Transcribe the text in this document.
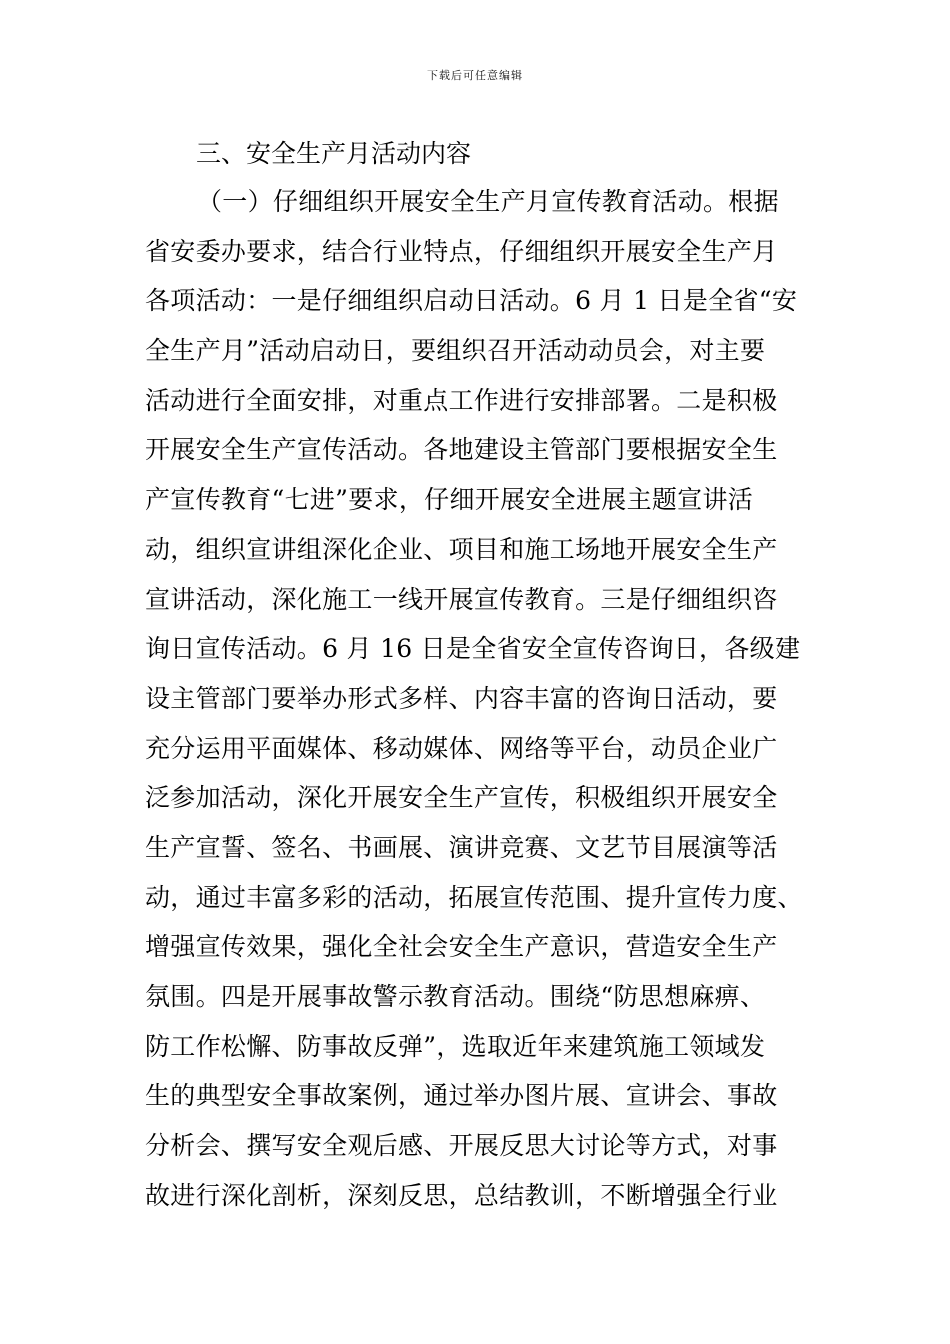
下载后可任意编辑
三、安全生产月活动内容
（一）仔细组织开展安全生产月宣传教育活动。根据
省安委办要求，结合行业特点，仔细组织开展安全生产月
各项活动：一是仔细组织启动日活动。6 月 1 日是全省“安
全生产月”活动启动日，要组织召开活动动员会，对主要
活动进行全面安排，对重点工作进行安排部署。二是积极
开展安全生产宣传活动。各地建设主管部门要根据安全生
产宣传教育“七进”要求，仔细开展安全进展主题宣讲活
动，组织宣讲组深化企业、项目和施工场地开展安全生产
宣讲活动，深化施工一线开展宣传教育。三是仔细组织咨
询日宣传活动。6 月 16 日是全省安全宣传咨询日，各级建
设主管部门要举办形式多样、内容丰富的咨询日活动，要
充分运用平面媒体、移动媒体、网络等平台，动员企业广
泛参加活动，深化开展安全生产宣传，积极组织开展安全
生产宣誓、签名、书画展、演讲竞赛、文艺节目展演等活
动，通过丰富多彩的活动，拓展宣传范围、提升宣传力度、
增强宣传效果，强化全社会安全生产意识，营造安全生产
氛围。四是开展事故警示教育活动。围绕“防思想麻痹、
防工作松懈、防事故反弹”，选取近年来建筑施工领域发
生的典型安全事故案例，通过举办图片展、宣讲会、事故
分析会、撰写安全观后感、开展反思大讨论等方式，对事
故进行深化剖析，深刻反思，总结教训，不断增强全行业
